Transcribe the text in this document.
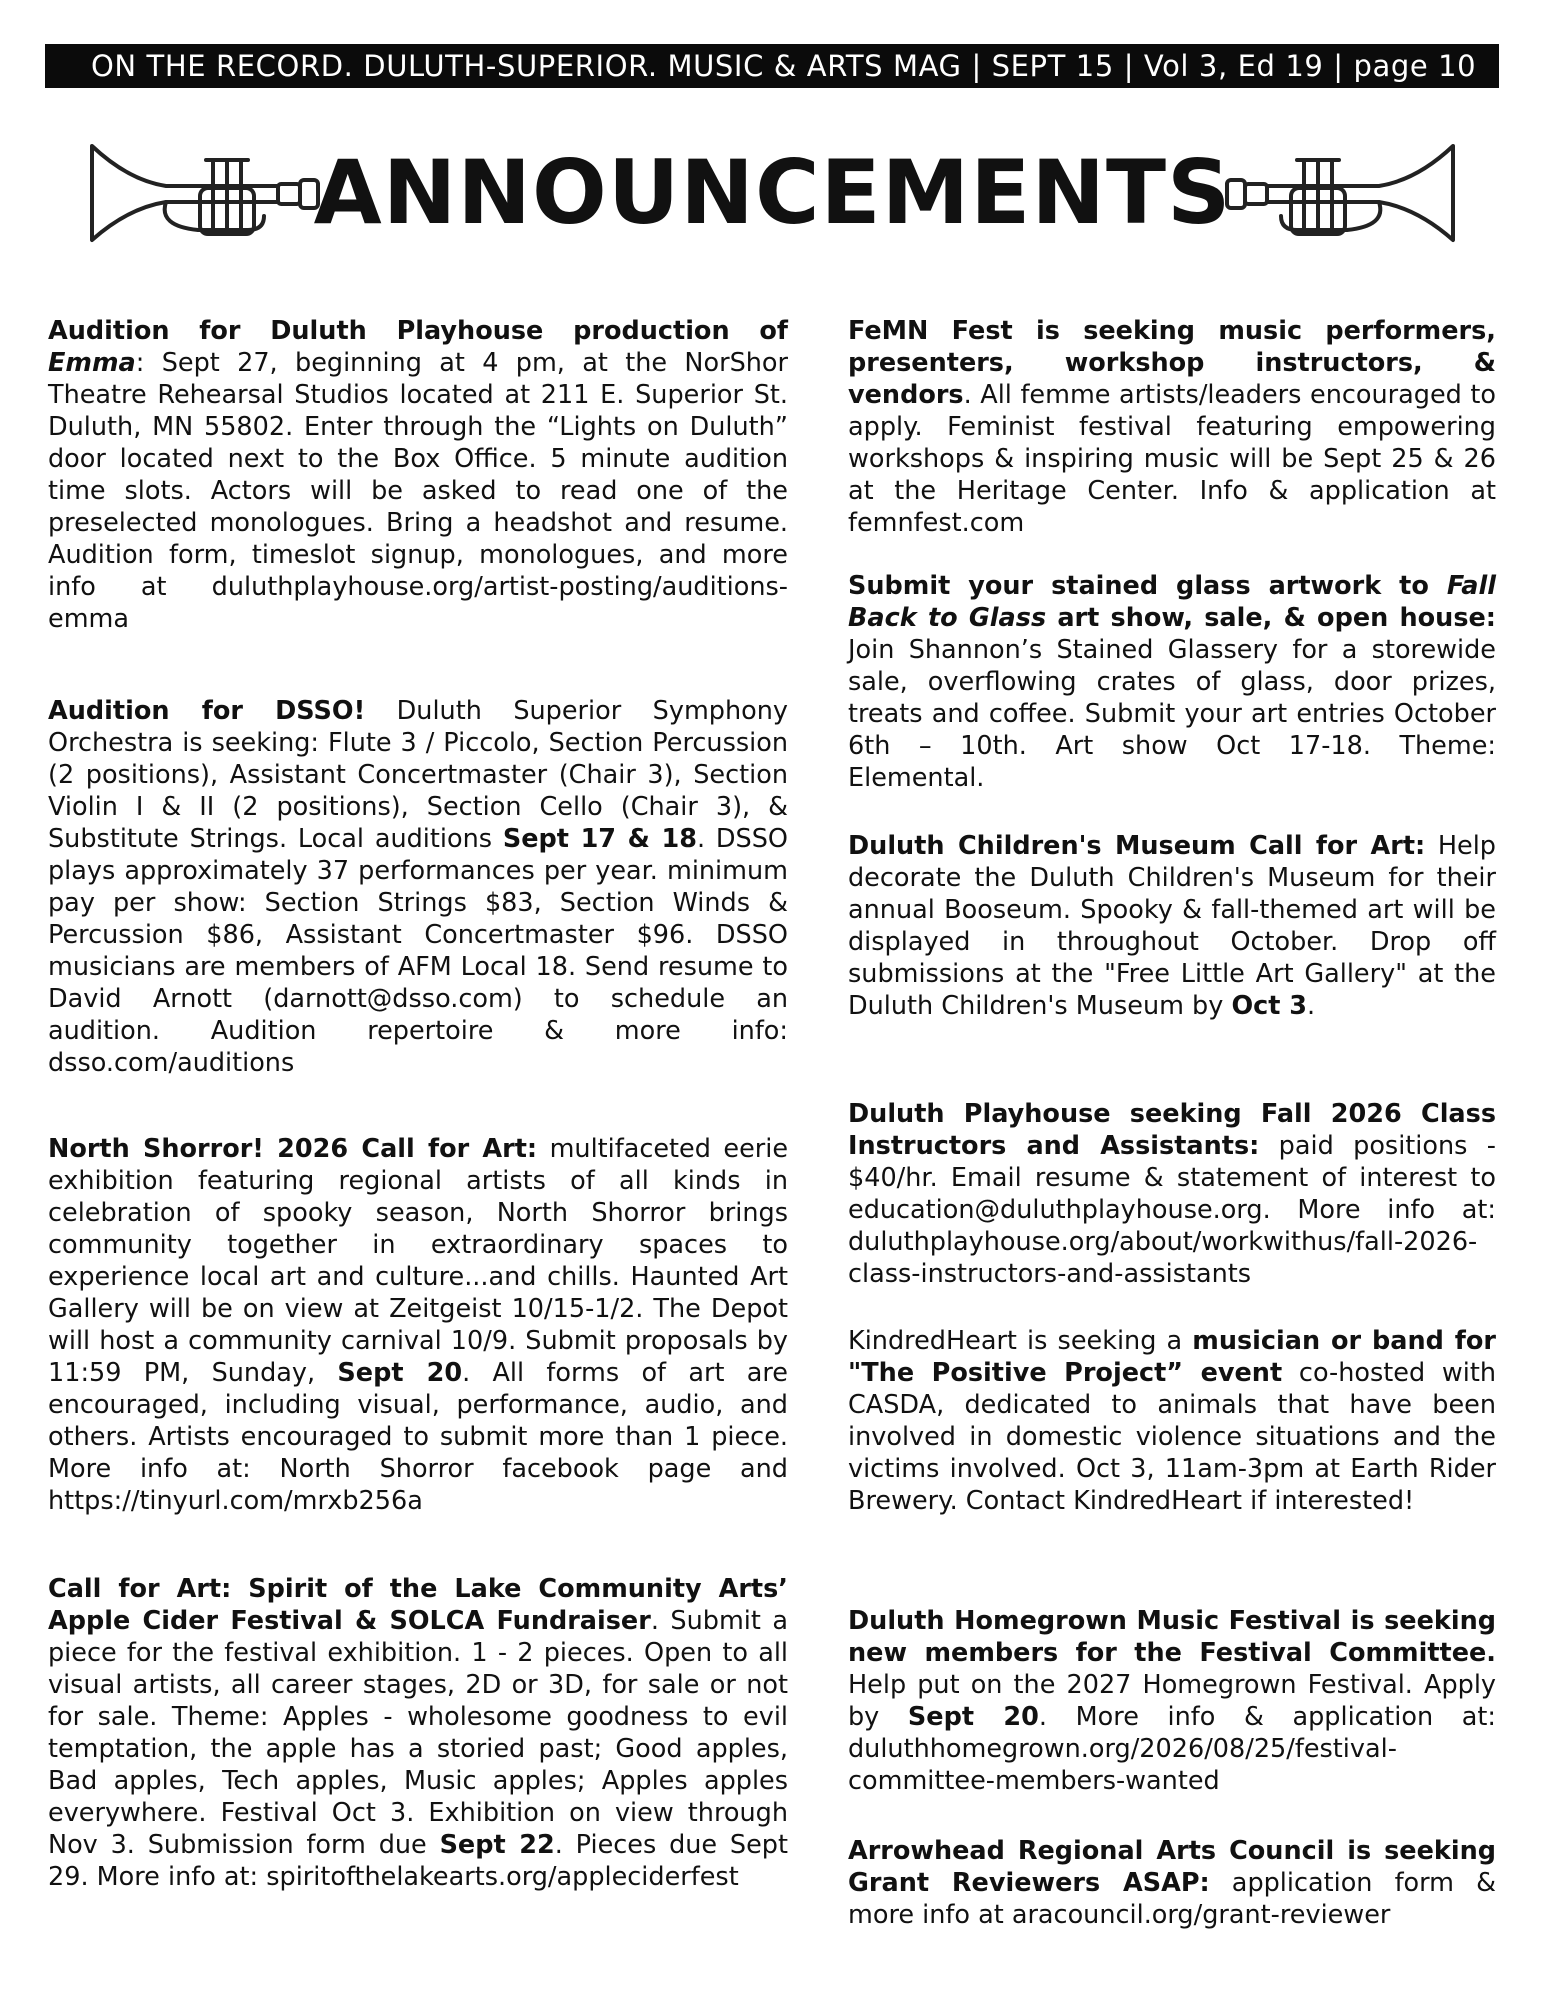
ON THE RECORD. DULUTH-SUPERIOR. MUSIC & ARTS MAG | SEPT 15 | Vol 3, Ed 19 | page 10
ANNOUNCEMENTS

Audition for Duluth Playhouse production of Emma: Sept 27, beginning at 4 pm, at the NorShor Theatre Rehearsal Studios located at 211 E. Superior St. Duluth, MN 55802. Enter through the “Lights on Duluth” door located next to the Box Office. 5 minute audition time slots. Actors will be asked to read one of the preselected monologues. Bring a headshot and resume. Audition form, timeslot signup, monologues, and more info at duluthplayhouse.org/artist-posting/auditions-emma

Audition for DSSO! Duluth Superior Symphony Orchestra is seeking: Flute 3 / Piccolo, Section Percussion (2 positions), Assistant Concertmaster (Chair 3), Section Violin I & II (2 positions), Section Cello (Chair 3), & Substitute Strings. Local auditions Sept 17 & 18. DSSO plays approximately 37 performances per year. minimum pay per show: Section Strings $83, Section Winds & Percussion $86, Assistant Concertmaster $96. DSSO musicians are members of AFM Local 18. Send resume to David Arnott (darnott@dsso.com) to schedule an audition. Audition repertoire & more info: dsso.com/auditions

North Shorror! 2026 Call for Art: multifaceted eerie exhibition featuring regional artists of all kinds in celebration of spooky season, North Shorror brings community together in extraordinary spaces to experience local art and culture...and chills. Haunted Art Gallery will be on view at Zeitgeist 10/15-1/2. The Depot will host a community carnival 10/9. Submit proposals by 11:59 PM, Sunday, Sept 20. All forms of art are encouraged, including visual, performance, audio, and others. Artists encouraged to submit more than 1 piece. More info at: North Shorror facebook page and https://tinyurl.com/mrxb256a

Call for Art: Spirit of the Lake Community Arts’ Apple Cider Festival & SOLCA Fundraiser. Submit a piece for the festival exhibition. 1 - 2 pieces. Open to all visual artists, all career stages, 2D or 3D, for sale or not for sale. Theme: Apples - wholesome goodness to evil temptation, the apple has a storied past; Good apples, Bad apples, Tech apples, Music apples; Apples apples everywhere. Festival Oct 3. Exhibition on view through Nov 3. Submission form due Sept 22. Pieces due Sept 29. More info at: spiritofthelakearts.org/appleciderfest

FeMN Fest is seeking music performers, presenters, workshop instructors, & vendors. All femme artists/leaders encouraged to apply. Feminist festival featuring empowering workshops & inspiring music will be Sept 25 & 26 at the Heritage Center. Info & application at femnfest.com

Submit your stained glass artwork to Fall Back to Glass art show, sale, & open house: Join Shannon’s Stained Glassery for a storewide sale, overflowing crates of glass, door prizes, treats and coffee. Submit your art entries October 6th – 10th. Art show Oct 17-18. Theme: Elemental.

Duluth Children's Museum Call for Art: Help decorate the Duluth Children's Museum for their annual Booseum. Spooky & fall-themed art will be displayed in throughout October. Drop off submissions at the "Free Little Art Gallery" at the Duluth Children's Museum by Oct 3.

Duluth Playhouse seeking Fall 2026 Class Instructors and Assistants: paid positions - $40/hr. Email resume & statement of interest to education@duluthplayhouse.org. More info at: duluthplayhouse.org/about/workwithus/fall-2026-class-instructors-and-assistants

KindredHeart is seeking a musician or band for "The Positive Project” event co-hosted with CASDA, dedicated to animals that have been involved in domestic violence situations and the victims involved. Oct 3, 11am-3pm at Earth Rider Brewery. Contact KindredHeart if interested!

Duluth Homegrown Music Festival is seeking new members for the Festival Committee. Help put on the 2027 Homegrown Festival. Apply by Sept 20. More info & application at: duluthhomegrown.org/2026/08/25/festival-committee-members-wanted

Arrowhead Regional Arts Council is seeking Grant Reviewers ASAP: application form & more info at aracouncil.org/grant-reviewer
